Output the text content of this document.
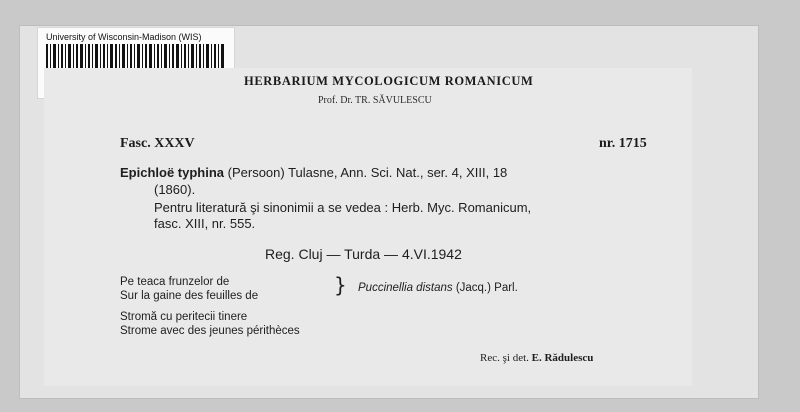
University of Wisconsin-Madison (WIS)
HERBARIUM MYCOLOGICUM ROMANICUM
Prof. Dr. TR. SĂVULESCU
Fasc. XXXV	nr. 1715
Epichloë typhina (Persoon) Tulasne, Ann. Sci. Nat., ser. 4, XIII, 18
(1860).
Pentru literatură şi sinonimii a se vedea : Herb. Myc. Romanicum,
fasc. XIII, nr. 555.
Reg. Cluj — Turda — 4.VI.1942
Pe teaca frunzelor de
Sur la gaine des feuilles de	} Puccinellia distans (Jacq.) Parl.
Stromă cu peritecii tinere
Strome avec des jeunes périthèces
Rec. şi det. E. Rădulescu
